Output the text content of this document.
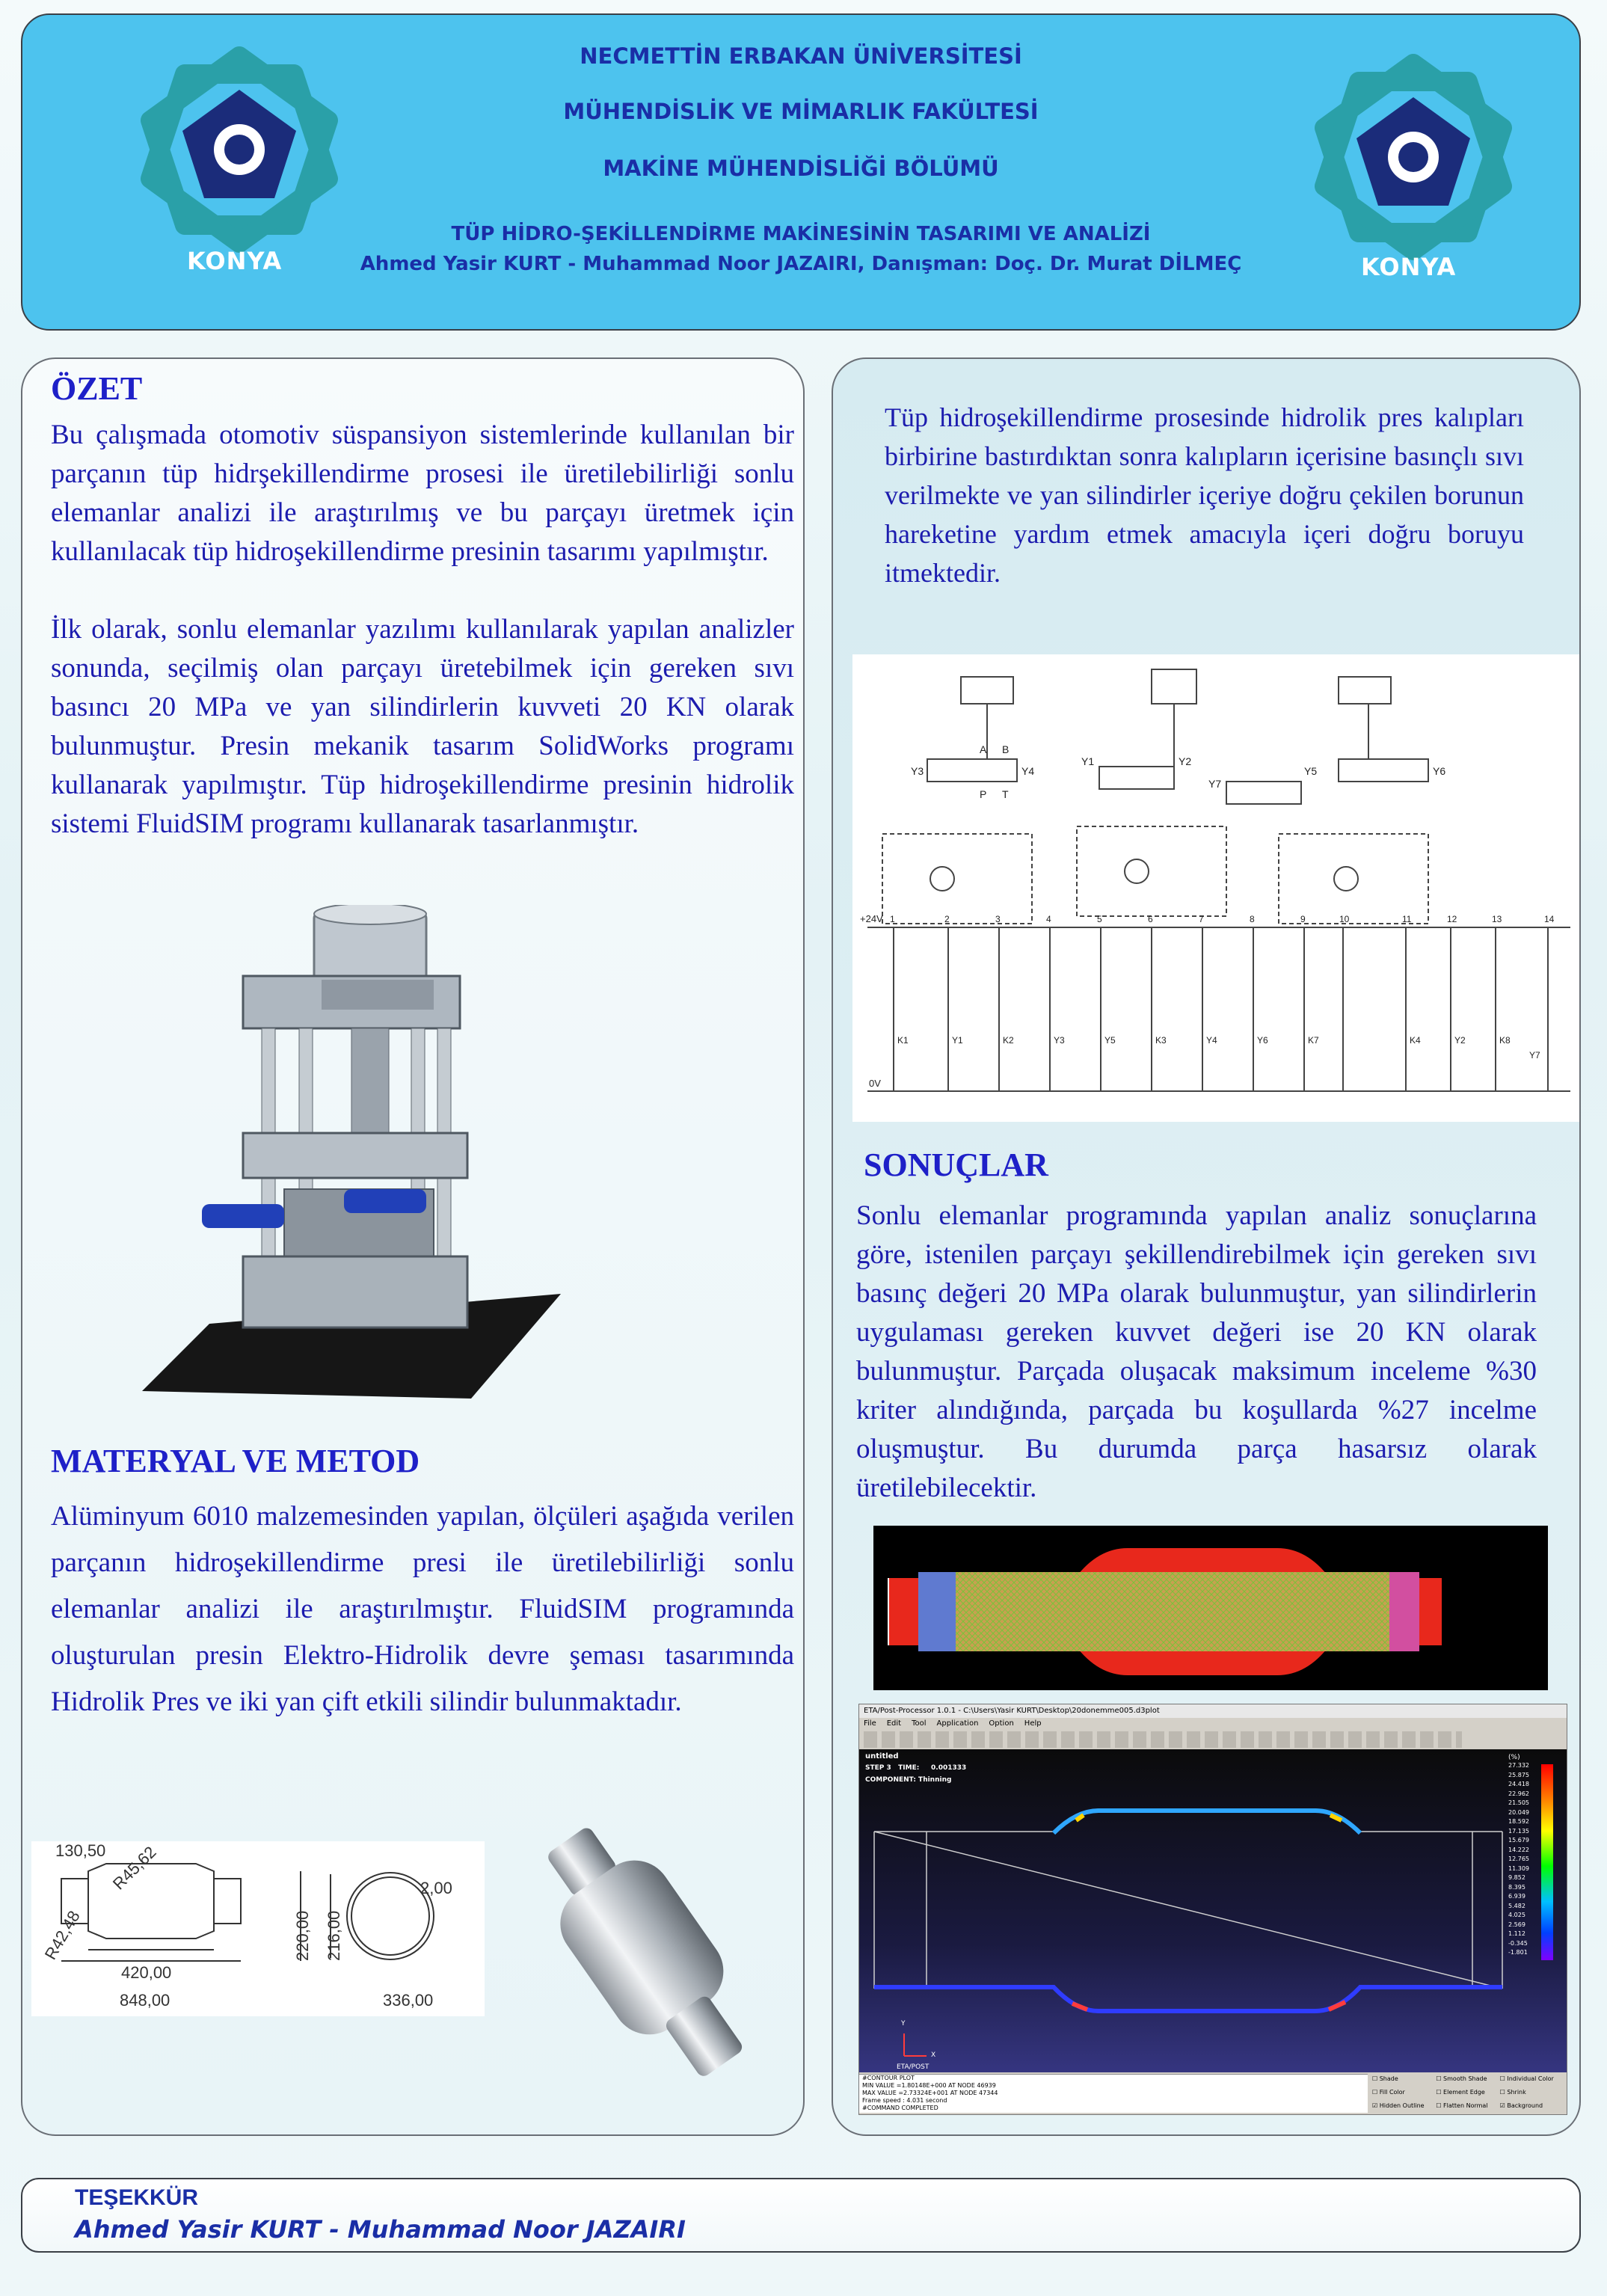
KONYA	KONYA
NECMETTİN ERBAKAN ÜNİVERSİTESİ
MÜHENDİSLİK VE MİMARLIK FAKÜLTESİ
MAKİNE MÜHENDİSLİĞİ BÖLÜMÜ
TÜP HİDRO-ŞEKİLLENDİRME MAKİNESİNİN TASARIMI VE ANALİZİ
Ahmed Yasir KURT - Muhammad Noor JAZAIRI, Danışman: Doç. Dr. Murat DİLMEÇ
ÖZET
Bu çalışmada otomotiv süspansiyon sistemlerinde kullanılan bir parçanın tüp hidrşekillendirme prosesi ile üretilebilirliği sonlu elemanlar analizi ile araştırılmış ve bu parçayı üretmek için kullanılacak tüp hidroşekillendirme presinin tasarımı yapılmıştır.
İlk olarak, sonlu elemanlar yazılımı kullanılarak yapılan analizler sonunda, seçilmiş olan parçayı üretebilmek için gereken sıvı basıncı 20 MPa ve yan silindirlerin kuvveti 20 KN olarak bulunmuştur. Presin mekanik tasarım SolidWorks programı kullanarak yapılmıştır. Tüp hidroşekillendirme presinin hidrolik sistemi FluidSIM programı kullanarak tasarlanmıştır.
MATERYAL VE METOD
Alüminyum 6010 malzemesinden yapılan, ölçüleri aşağıda verilen parçanın hidroşekillendirme presi ile üretilebilirliği sonlu elemanlar analizi ile araştırılmıştır. FluidSIM programında oluşturulan presin Elektro-Hidrolik devre şeması tasarımında Hidrolik Pres ve iki yan çift etkili silindir bulunmaktadır.
130,50 R45,62
R42,48
420,00
848,00
220,00 216,00
2,00
336,00
Tüp hidroşekillendirme prosesinde hidrolik pres kalıpları birbirine bastırdıktan sonra kalıpların içerisine basınçlı sıvı verilmekte ve yan silindirler içeriye doğru çekilen borunun hareketine yardım etmek amacıyla içeri doğru boruyu itmektedir.
Y3	Y4
Y1	Y2
Y7
Y5	Y6
P T
A B
+24V
0V
1	2	3	4	5	6	7	8	9	10	11	12	13	14
K1	Y1	K2	Y3	Y5	K3	Y4	Y6	K7	K4	Y2	K8
Y7
SONUÇLAR
Sonlu elemanlar programında yapılan analiz sonuçlarına göre, istenilen parçayı şekillendirebilmek için gereken sıvı basınç değeri 20 MPa olarak bulunmuştur, yan silindirlerin uygulaması gereken kuvvet değeri ise 20 KN olarak bulunmuştur. Parçada oluşacak maksimum inceleme %30 kriter alındığında, parçada bu koşullarda %27 incelme oluşmuştur. Bu durumda parça hasarsız olarak üretilebilecektir.
ETA/Post-Processor 1.0.1 - C:\Users\Yasir KURT\Desktop\20donemme005.d3plot
File Edit Tool Application Option Help
untitled
STEP 3   TIME:     0.001333
COMPONENT: Thinning
Y
X
ETA/POST
(%)
27.332
25.875
24.418
22.962
21.505
20.049
18.592
17.135
15.679
14.222
12.765
11.309
9.852
8.395
6.939
5.482
4.025
2.569
1.112
-0.345
-1.801
#CONTOUR PLOT
MIN VALUE =1.80148E+000 AT NODE 46939
MAX VALUE =2.73324E+001 AT NODE 47344
Frame speed : 4.031 second
#COMMAND COMPLETED
☐ Shade	☐ Smooth Shade	☐ Individual Color
☐ Fill Color	☐ Element Edge	☐ Shrink
☑ Hidden Outline	☐ Flatten Normal	☑ Background
TEŞEKKÜR
Ahmed Yasir KURT - Muhammad Noor JAZAIRI
